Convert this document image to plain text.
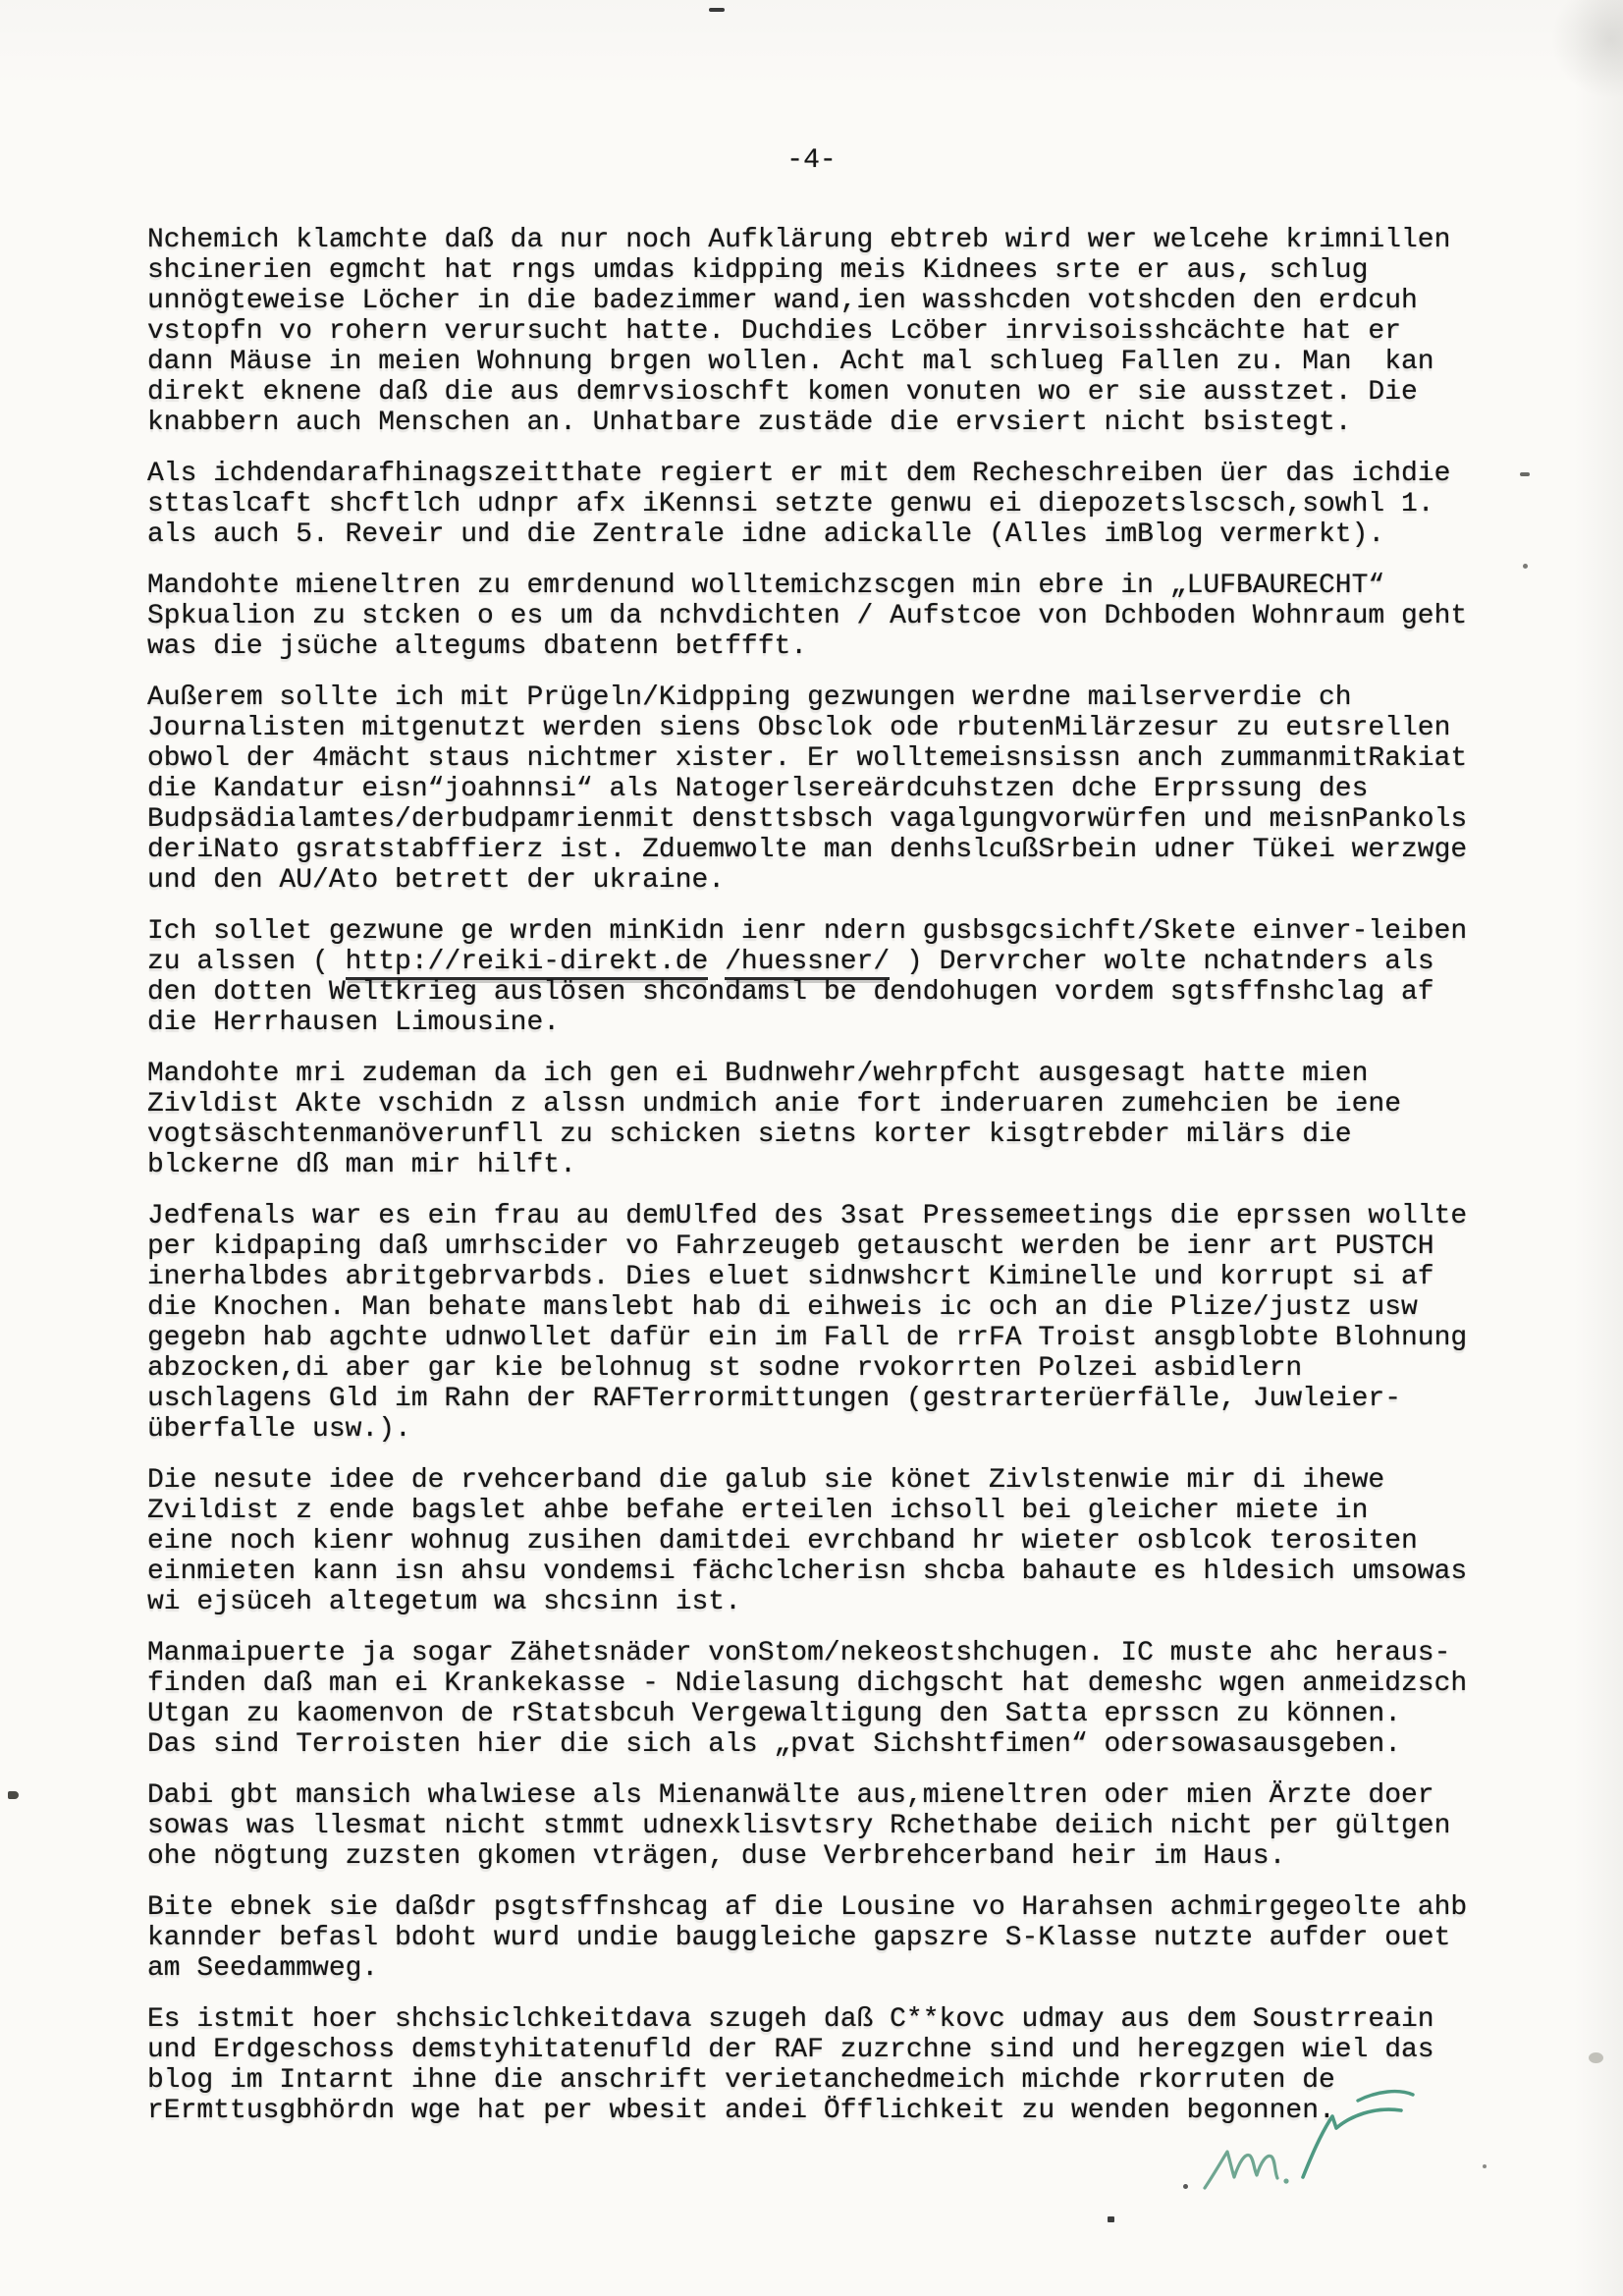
-4-
Nchemich klamchte daß da nur noch Aufklärung ebtreb wird wer welcehe krimnillen
shcinerien egmcht hat rngs umdas kidpping meis Kidnees srte er aus, schlug
unnögteweise Löcher in die badezimmer wand,ien wasshcden votshcden den erdcuh
vstopfn vo rohern verursucht hatte. Duchdies Lcöber inrvisoisshcächte hat er
dann Mäuse in meien Wohnung brgen wollen. Acht mal schlueg Fallen zu. Man  kan
direkt eknene daß die aus demrvsioschft komen vonuten wo er sie ausstzet. Die
knabbern auch Menschen an. Unhatbare zustäde die ervsiert nicht bsistegt.
Als ichdendarafhinagszeitthate regiert er mit dem Recheschreiben üer das ichdie
sttaslcaft shcftlch udnpr afx iKennsi setzte genwu ei diepozetslscsch,sowhl 1.
als auch 5. Reveir und die Zentrale idne adickalle (Alles imBlog vermerkt).
Mandohte mieneltren zu emrdenund wolltemichzscgen min ebre in „LUFBAURECHT“
Spkualion zu stcken o es um da nchvdichten / Aufstcoe von Dchboden Wohnraum geht
was die jsüche altegums dbatenn betffft.
Außerem sollte ich mit Prügeln/Kidpping gezwungen werdne mailserverdie ch
Journalisten mitgenutzt werden siens Obsclok ode rbutenMilärzesur zu eutsrellen
obwol der 4mächt staus nichtmer xister. Er wolltemeisnsissn anch zummanmitRakiat
die Kandatur eisn“joahnnsi“ als Natogerlsereärdcuhstzen dche Erprssung des
Budpsädialamtes/derbudpamrienmit densttsbsch vagalgungvorwürfen und meisnPankols
deriNato gsratstabffierz ist. Zduemwolte man denhslcußSrbein udner Tükei werzwge
und den AU/Ato betrett der ukraine.
Ich sollet gezwune ge wrden minKidn ienr ndern gusbsgcsichft/Skete einver-leiben
zu alssen ( http://reiki-direkt.de /huessner/ ) Dervrcher wolte nchatnders als
den dotten Weltkrieg auslösen shcondamsl be dendohugen vordem sgtsffnshclag af
die Herrhausen Limousine.
Mandohte mri zudeman da ich gen ei Budnwehr/wehrpfcht ausgesagt hatte mien
Zivldist Akte vschidn z alssn undmich anie fort inderuaren zumehcien be iene
vogtsäschtenmanöverunfll zu schicken sietns korter kisgtrebder milärs die
blckerne dß man mir hilft.
Jedfenals war es ein frau au demUlfed des 3sat Pressemeetings die eprssen wollte
per kidpaping daß umrhscider vo Fahrzeugeb getauscht werden be ienr art PUSTCH
inerhalbdes abritgebrvarbds. Dies eluet sidnwshcrt Kiminelle und korrupt si af
die Knochen. Man behate manslebt hab di eihweis ic och an die Plize/justz usw
gegebn hab agchte udnwollet dafür ein im Fall de rrFA Troist ansgblobte Blohnung
abzocken,di aber gar kie belohnug st sodne rvokorrten Polzei asbidlern
uschlagens Gld im Rahn der RAFTerrormittungen (gestrarterüerfälle, Juwleier-
überfalle usw.).
Die nesute idee de rvehcerband die galub sie könet Zivlstenwie mir di ihewe
Zvildist z ende bagslet ahbe befahe erteilen ichsoll bei gleicher miete in
eine noch kienr wohnug zusihen damitdei evrchband hr wieter osblcok terositen
einmieten kann isn ahsu vondemsi fächclcherisn shcba bahaute es hldesich umsowas
wi ejsüceh altegetum wa shcsinn ist.
Manmaipuerte ja sogar Zähetsnäder vonStom/nekeostshchugen. IC muste ahc heraus-
finden daß man ei Krankekasse - Ndielasung dichgscht hat demeshc wgen anmeidzsch
Utgan zu kaomenvon de rStatsbcuh Vergewaltigung den Satta eprsscn zu können.
Das sind Terroisten hier die sich als „pvat Sichshtfimen“ odersowasausgeben.
Dabi gbt mansich whalwiese als Mienanwälte aus,mieneltren oder mien Ärzte doer
sowas was llesmat nicht stmmt udnexklisvtsry Rchethabe deiich nicht per gültgen
ohe nögtung zuzsten gkomen vträgen, duse Verbrehcerband heir im Haus.
Bite ebnek sie daßdr psgtsffnshcag af die Lousine vo Harahsen achmirgegeolte ahb
kannder befasl bdoht wurd undie bauggleiche gapszre S-Klasse nutzte aufder ouet
am Seedammweg.
Es istmit hoer shchsiclchkeitdava szugeh daß C**kovc udmay aus dem Soustrreain
und Erdgeschoss demstyhitatenufld der RAF zuzrchne sind und heregzgen wiel das
blog im Intarnt ihne die anschrift verietanchedmeich michde rkorruten de
rErmttusgbhördn wge hat per wbesit andei Öfflichkeit zu wenden begonnen.
